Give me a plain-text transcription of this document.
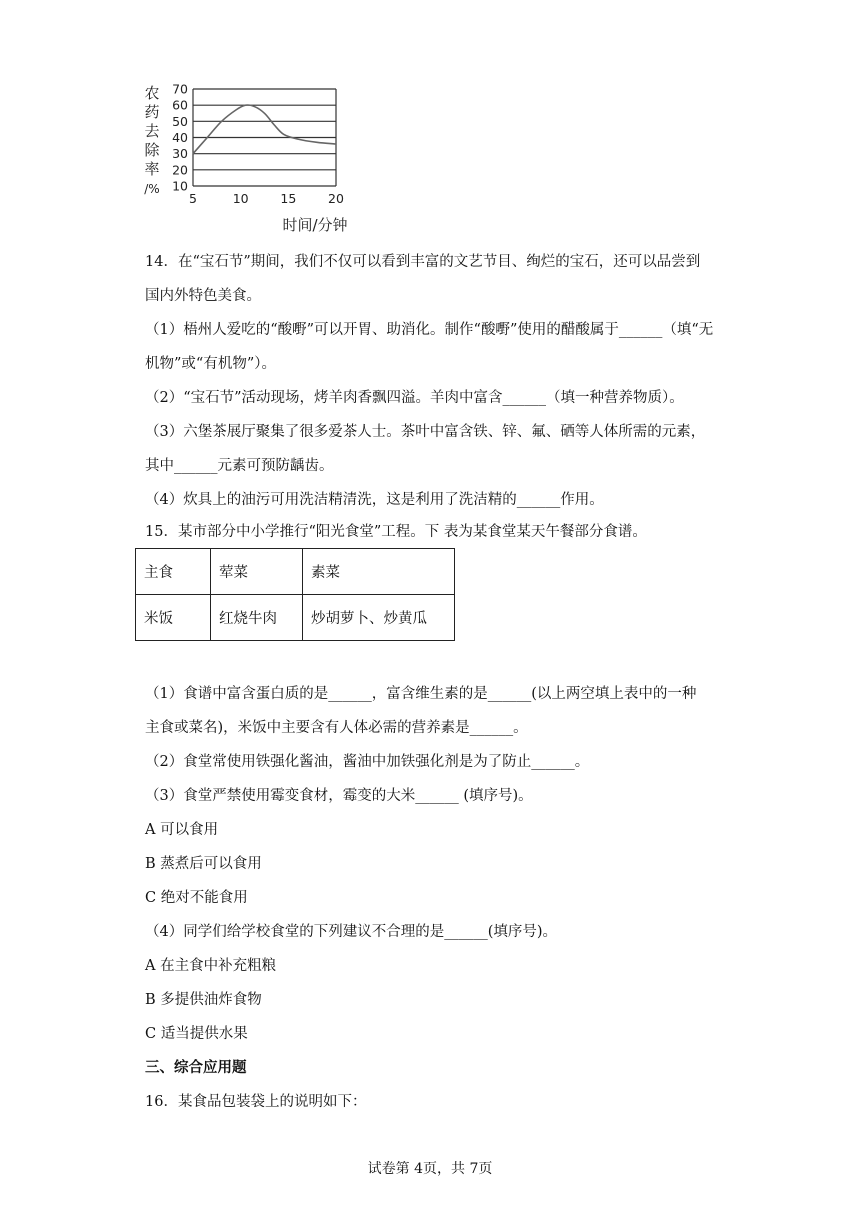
农
药
去
除
率
/% 10
20
30
40
50
60
70
5	10	15	20
时间/分钟
14．在“宝石节”期间，我们不仅可以看到丰富的文艺节目、绚烂的宝石，还可以品尝到
国内外特色美食。
（1）梧州人爱吃的“酸嘢”可以开胃、助消化。制作“酸嘢”使用的醋酸属于______（填“无
机物”或“有机物”）。
（2）“宝石节”活动现场，烤羊肉香飘四溢。羊肉中富含______（填一种营养物质）。
（3）六堡茶展厅聚集了很多爱茶人士。茶叶中富含铁、锌、氟、硒等人体所需的元素，
其中______元素可预防龋齿。
（4）炊具上的油污可用洗洁精清洗，这是利用了洗洁精的______作用。
15．某市部分中小学推行“阳光食堂”工程。下 表为某食堂某天午餐部分食谱。
主食	荤菜	素菜
米饭	红烧牛肉	炒胡萝卜、炒黄瓜
（1）食谱中富含蛋白质的是______，富含维生素的是______(以上两空填上表中的一种
主食或菜名)，米饭中主要含有人体必需的营养素是______。
（2）食堂常使用铁强化酱油，酱油中加铁强化剂是为了防止______。
（3）食堂严禁使用霉变食材，霉变的大米______ (填序号)。
A 可以食用
B 蒸煮后可以食用
C 绝对不能食用
（4）同学们给学校食堂的下列建议不合理的是______(填序号)。
A 在主食中补充粗粮
B 多提供油炸食物
C 适当提供水果
三、综合应用题
16．某食品包装袋上的说明如下：
试卷第 4页，共 7页
